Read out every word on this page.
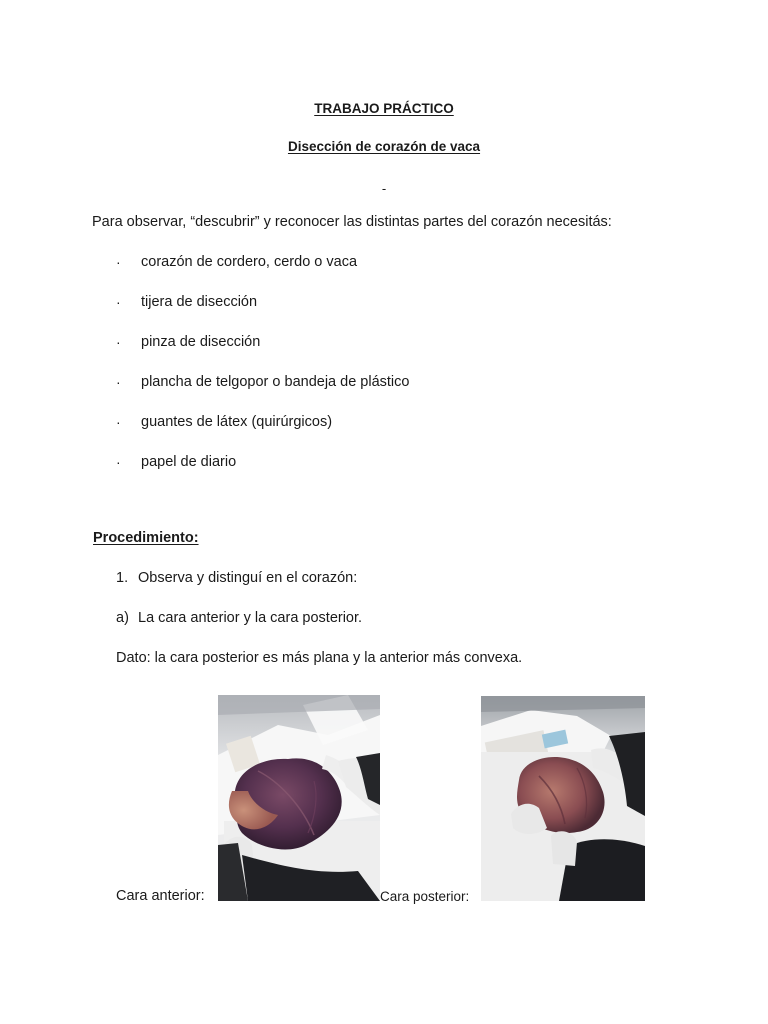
TRABAJO PRÁCTICO

Disección de corazón de vaca

-

Para observar, “descubrir” y reconocer las distintas partes del corazón necesitás:

· corazón de cordero, cerdo o vaca
· tijera de disección
· pinza de disección
· plancha de telgopor o bandeja de plástico
· guantes de látex (quirúrgicos)
· papel de diario

Procedimiento:

1. Observa y distinguí en el corazón:

a) La cara anterior y la cara posterior.

Dato: la cara posterior es más plana y la anterior más convexa.

Cara anterior:	Cara posterior:
